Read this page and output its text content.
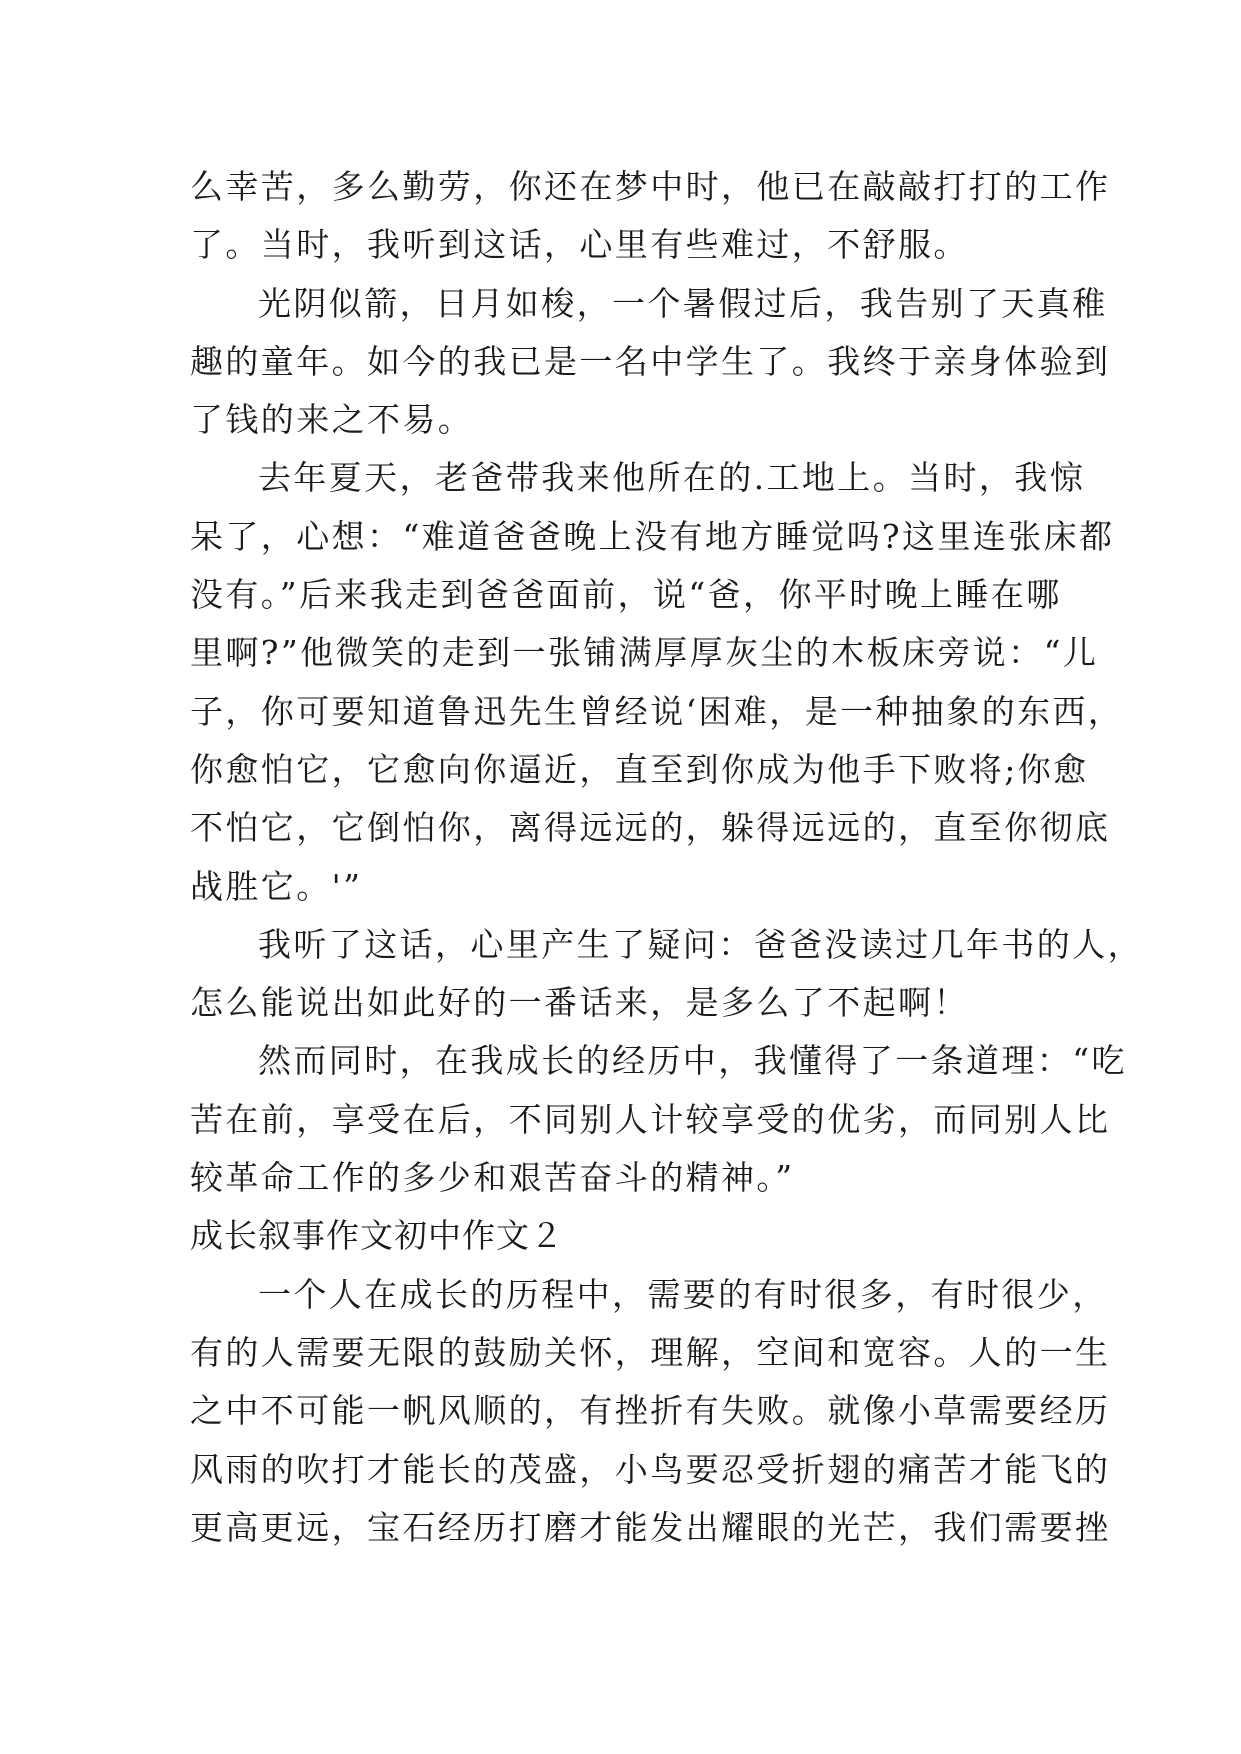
么幸苦，多么勤劳，你还在梦中时，他已在敲敲打打的工作
了。当时，我听到这话，心里有些难过，不舒服。
光阴似箭，日月如梭，一个暑假过后，我告别了天真稚
趣的童年。如今的我已是一名中学生了。我终于亲身体验到
了钱的来之不易。
去年夏天，老爸带我来他所在的.工地上。当时，我惊
呆了，心想：“难道爸爸晚上没有地方睡觉吗?这里连张床都
没有。”后来我走到爸爸面前，说“爸，你平时晚上睡在哪
里啊?”他微笑的走到一张铺满厚厚灰尘的木板床旁说：“儿
子，你可要知道鲁迅先生曾经说‘困难，是一种抽象的东西，
你愈怕它，它愈向你逼近，直至到你成为他手下败将;你愈
不怕它，它倒怕你，离得远远的，躲得远远的，直至你彻底
战胜它。'”
我听了这话，心里产生了疑问：爸爸没读过几年书的人，
怎么能说出如此好的一番话来，是多么了不起啊！
然而同时，在我成长的经历中，我懂得了一条道理：“吃
苦在前，享受在后，不同别人计较享受的优劣，而同别人比
较革命工作的多少和艰苦奋斗的精神。”
成长叙事作文初中作文２
一个人在成长的历程中，需要的有时很多，有时很少，
有的人需要无限的鼓励关怀，理解，空间和宽容。人的一生
之中不可能一帆风顺的，有挫折有失败。就像小草需要经历
风雨的吹打才能长的茂盛，小鸟要忍受折翅的痛苦才能飞的
更高更远，宝石经历打磨才能发出耀眼的光芒，我们需要挫
